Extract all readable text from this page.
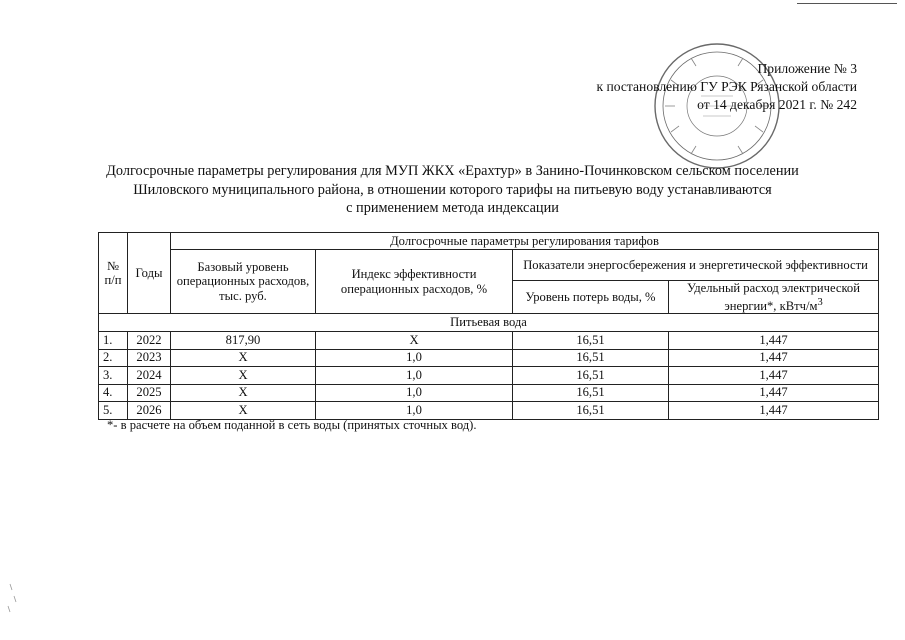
Приложение № 3
к постановлению ГУ РЭК Рязанской области
от 14 декабря 2021 г. № 242
Долгосрочные параметры регулирования для МУП ЖКХ «Ерахтур» в Занино-Починковском сельском поселении
Шиловского муниципального района, в отношении которого тарифы на питьевую воду устанавливаются
с применением метода индексации
№ п/п	Годы	Долгосрочные параметры регулирования тарифов			
		Базовый уровень операционных расходов, тыс. руб.	Индекс эффективности операционных расходов, %	Показатели энергосбережения и энергетической эффективности	
				Уровень потерь воды, %	Удельный расход электрической энергии*, кВтч/$м^3$
Питьевая вода					
1.	2022	817,90	Х	16,51	1,447
2.	2023	Х	1,0	16,51	1,447
3.	2024	Х	1,0	16,51	1,447
4.	2025	Х	1,0	16,51	1,447
5.	2026	Х	1,0	16,51	1,447
*- в расчете на объем поданной в сеть воды (принятых сточных вод).
